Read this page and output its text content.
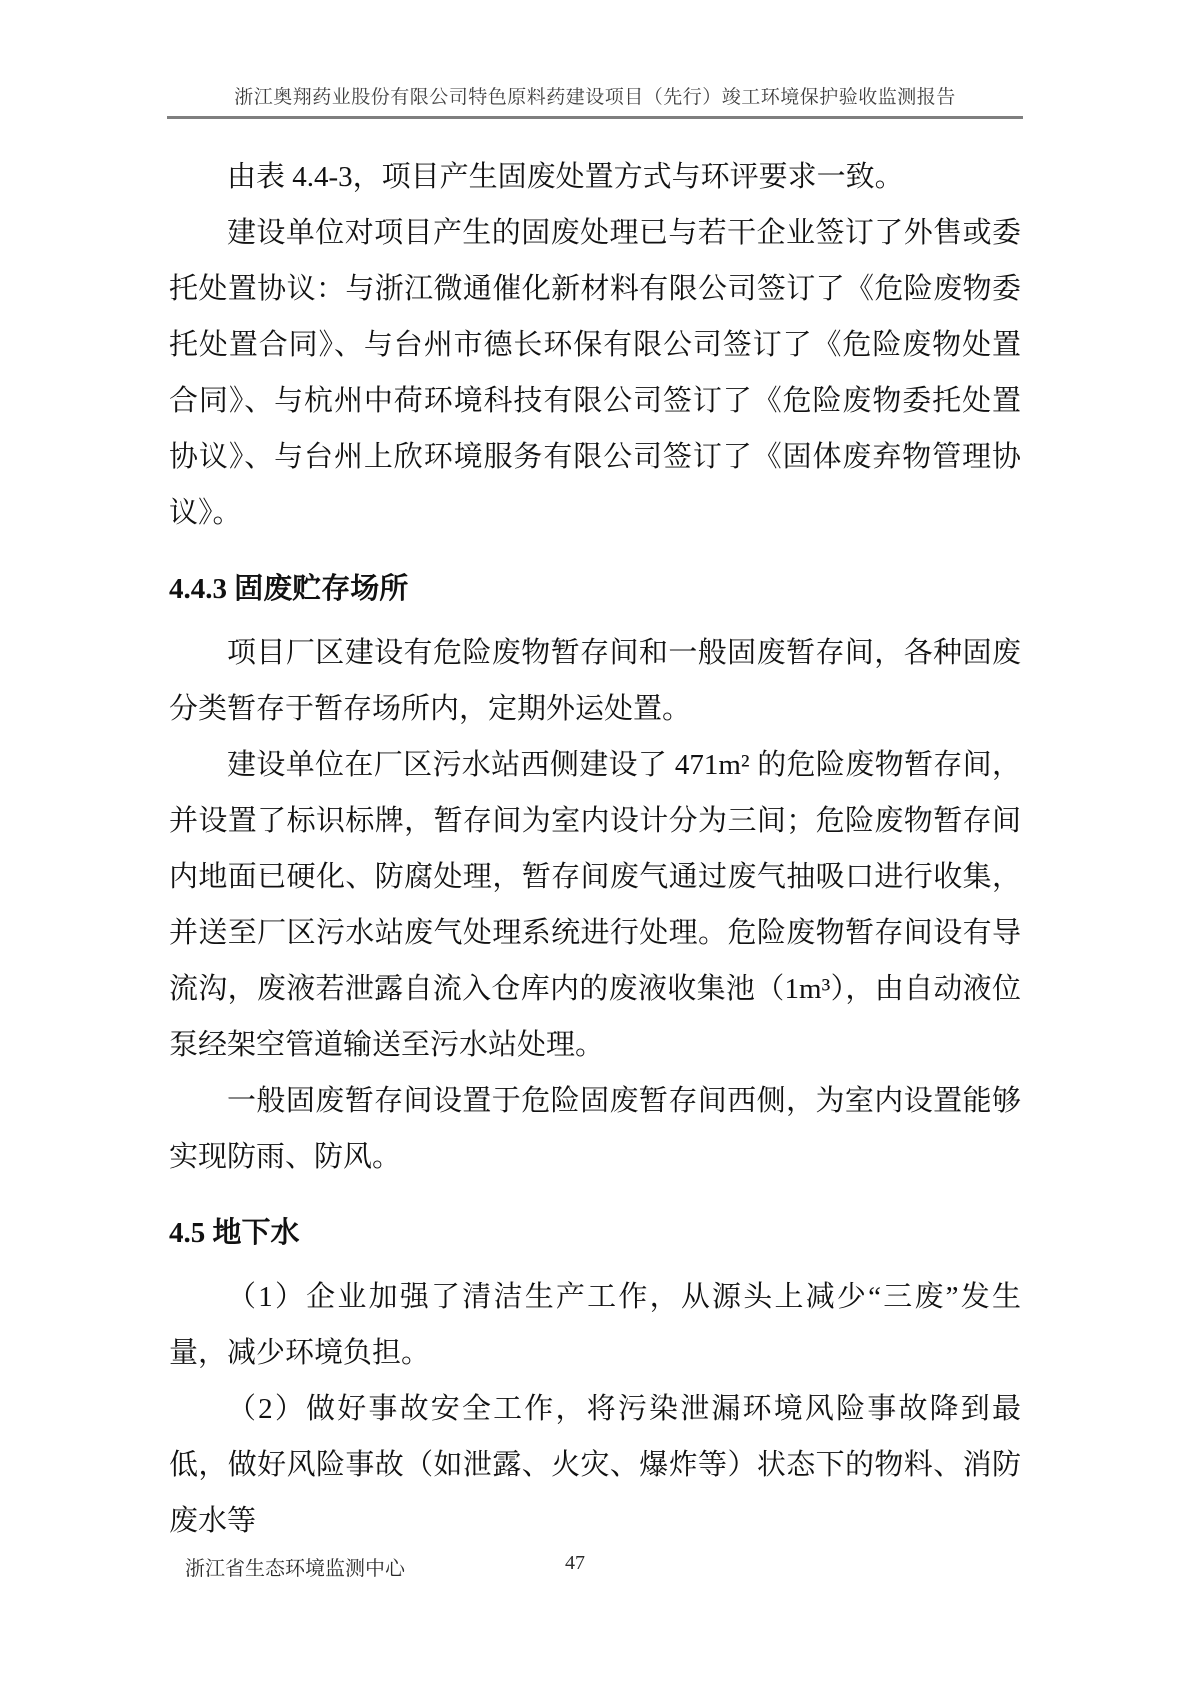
浙江奥翔药业股份有限公司特色原料药建设项目（先行）竣工环境保护验收监测报告

由表 4.4-3，项目产生固废处置方式与环评要求一致。

建设单位对项目产生的固废处理已与若干企业签订了外售或委托处置协议：与浙江微通催化新材料有限公司签订了《危险废物委托处置合同》、与台州市德长环保有限公司签订了《危险废物处置合同》、与杭州中荷环境科技有限公司签订了《危险废物委托处置协议》、与台州上欣环境服务有限公司签订了《固体废弃物管理协议》。

4.4.3 固废贮存场所

项目厂区建设有危险废物暂存间和一般固废暂存间，各种固废分类暂存于暂存场所内，定期外运处置。

建设单位在厂区污水站西侧建设了 471m² 的危险废物暂存间，并设置了标识标牌，暂存间为室内设计分为三间；危险废物暂存间内地面已硬化、防腐处理，暂存间废气通过废气抽吸口进行收集，并送至厂区污水站废气处理系统进行处理。危险废物暂存间设有导流沟，废液若泄露自流入仓库内的废液收集池（1m³），由自动液位泵经架空管道输送至污水站处理。

一般固废暂存间设置于危险固废暂存间西侧，为室内设置能够实现防雨、防风。

4.5 地下水

（1）企业加强了清洁生产工作，从源头上减少“三废”发生量，减少环境负担。

（2）做好事故安全工作，将污染泄漏环境风险事故降到最低，做好风险事故（如泄露、火灾、爆炸等）状态下的物料、消防废水等

浙江省生态环境监测中心	47
